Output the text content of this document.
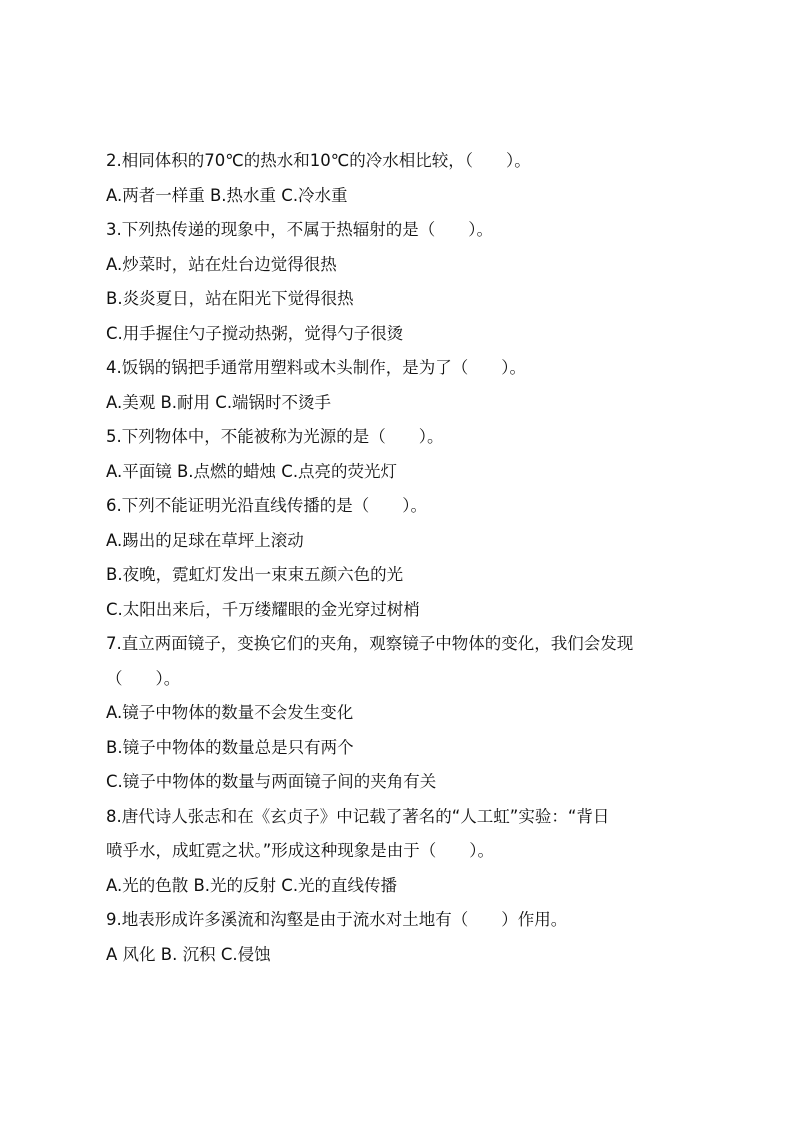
2.相同体积的70℃的热水和10℃的冷水相比较，（　　）。
A.两者一样重 B.热水重 C.冷水重
3.下列热传递的现象中，不属于热辐射的是（　　）。
A.炒菜时，站在灶台边觉得很热
B.炎炎夏日，站在阳光下觉得很热
C.用手握住勺子搅动热粥，觉得勺子很烫
4.饭锅的锅把手通常用塑料或木头制作，是为了（　　）。
A.美观 B.耐用 C.端锅时不烫手
5.下列物体中，不能被称为光源的是（　　）。
A.平面镜 B.点燃的蜡烛 C.点亮的荧光灯
6.下列不能证明光沿直线传播的是（　　）。
A.踢出的足球在草坪上滚动
B.夜晚，霓虹灯发出一束束五颜六色的光
C.太阳出来后，千万缕耀眼的金光穿过树梢
7.直立两面镜子，变换它们的夹角，观察镜子中物体的变化，我们会发现
（　　）。
A.镜子中物体的数量不会发生变化
B.镜子中物体的数量总是只有两个
C.镜子中物体的数量与两面镜子间的夹角有关
8.唐代诗人张志和在《玄贞子》中记载了著名的“人工虹”实验：“背日
喷乎水，成虹霓之状。”形成这种现象是由于（　　）。
A.光的色散 B.光的反射 C.光的直线传播
9.地表形成许多溪流和沟壑是由于流水对土地有（　　）作用。
A 风化 B. 沉积 C.侵蚀
